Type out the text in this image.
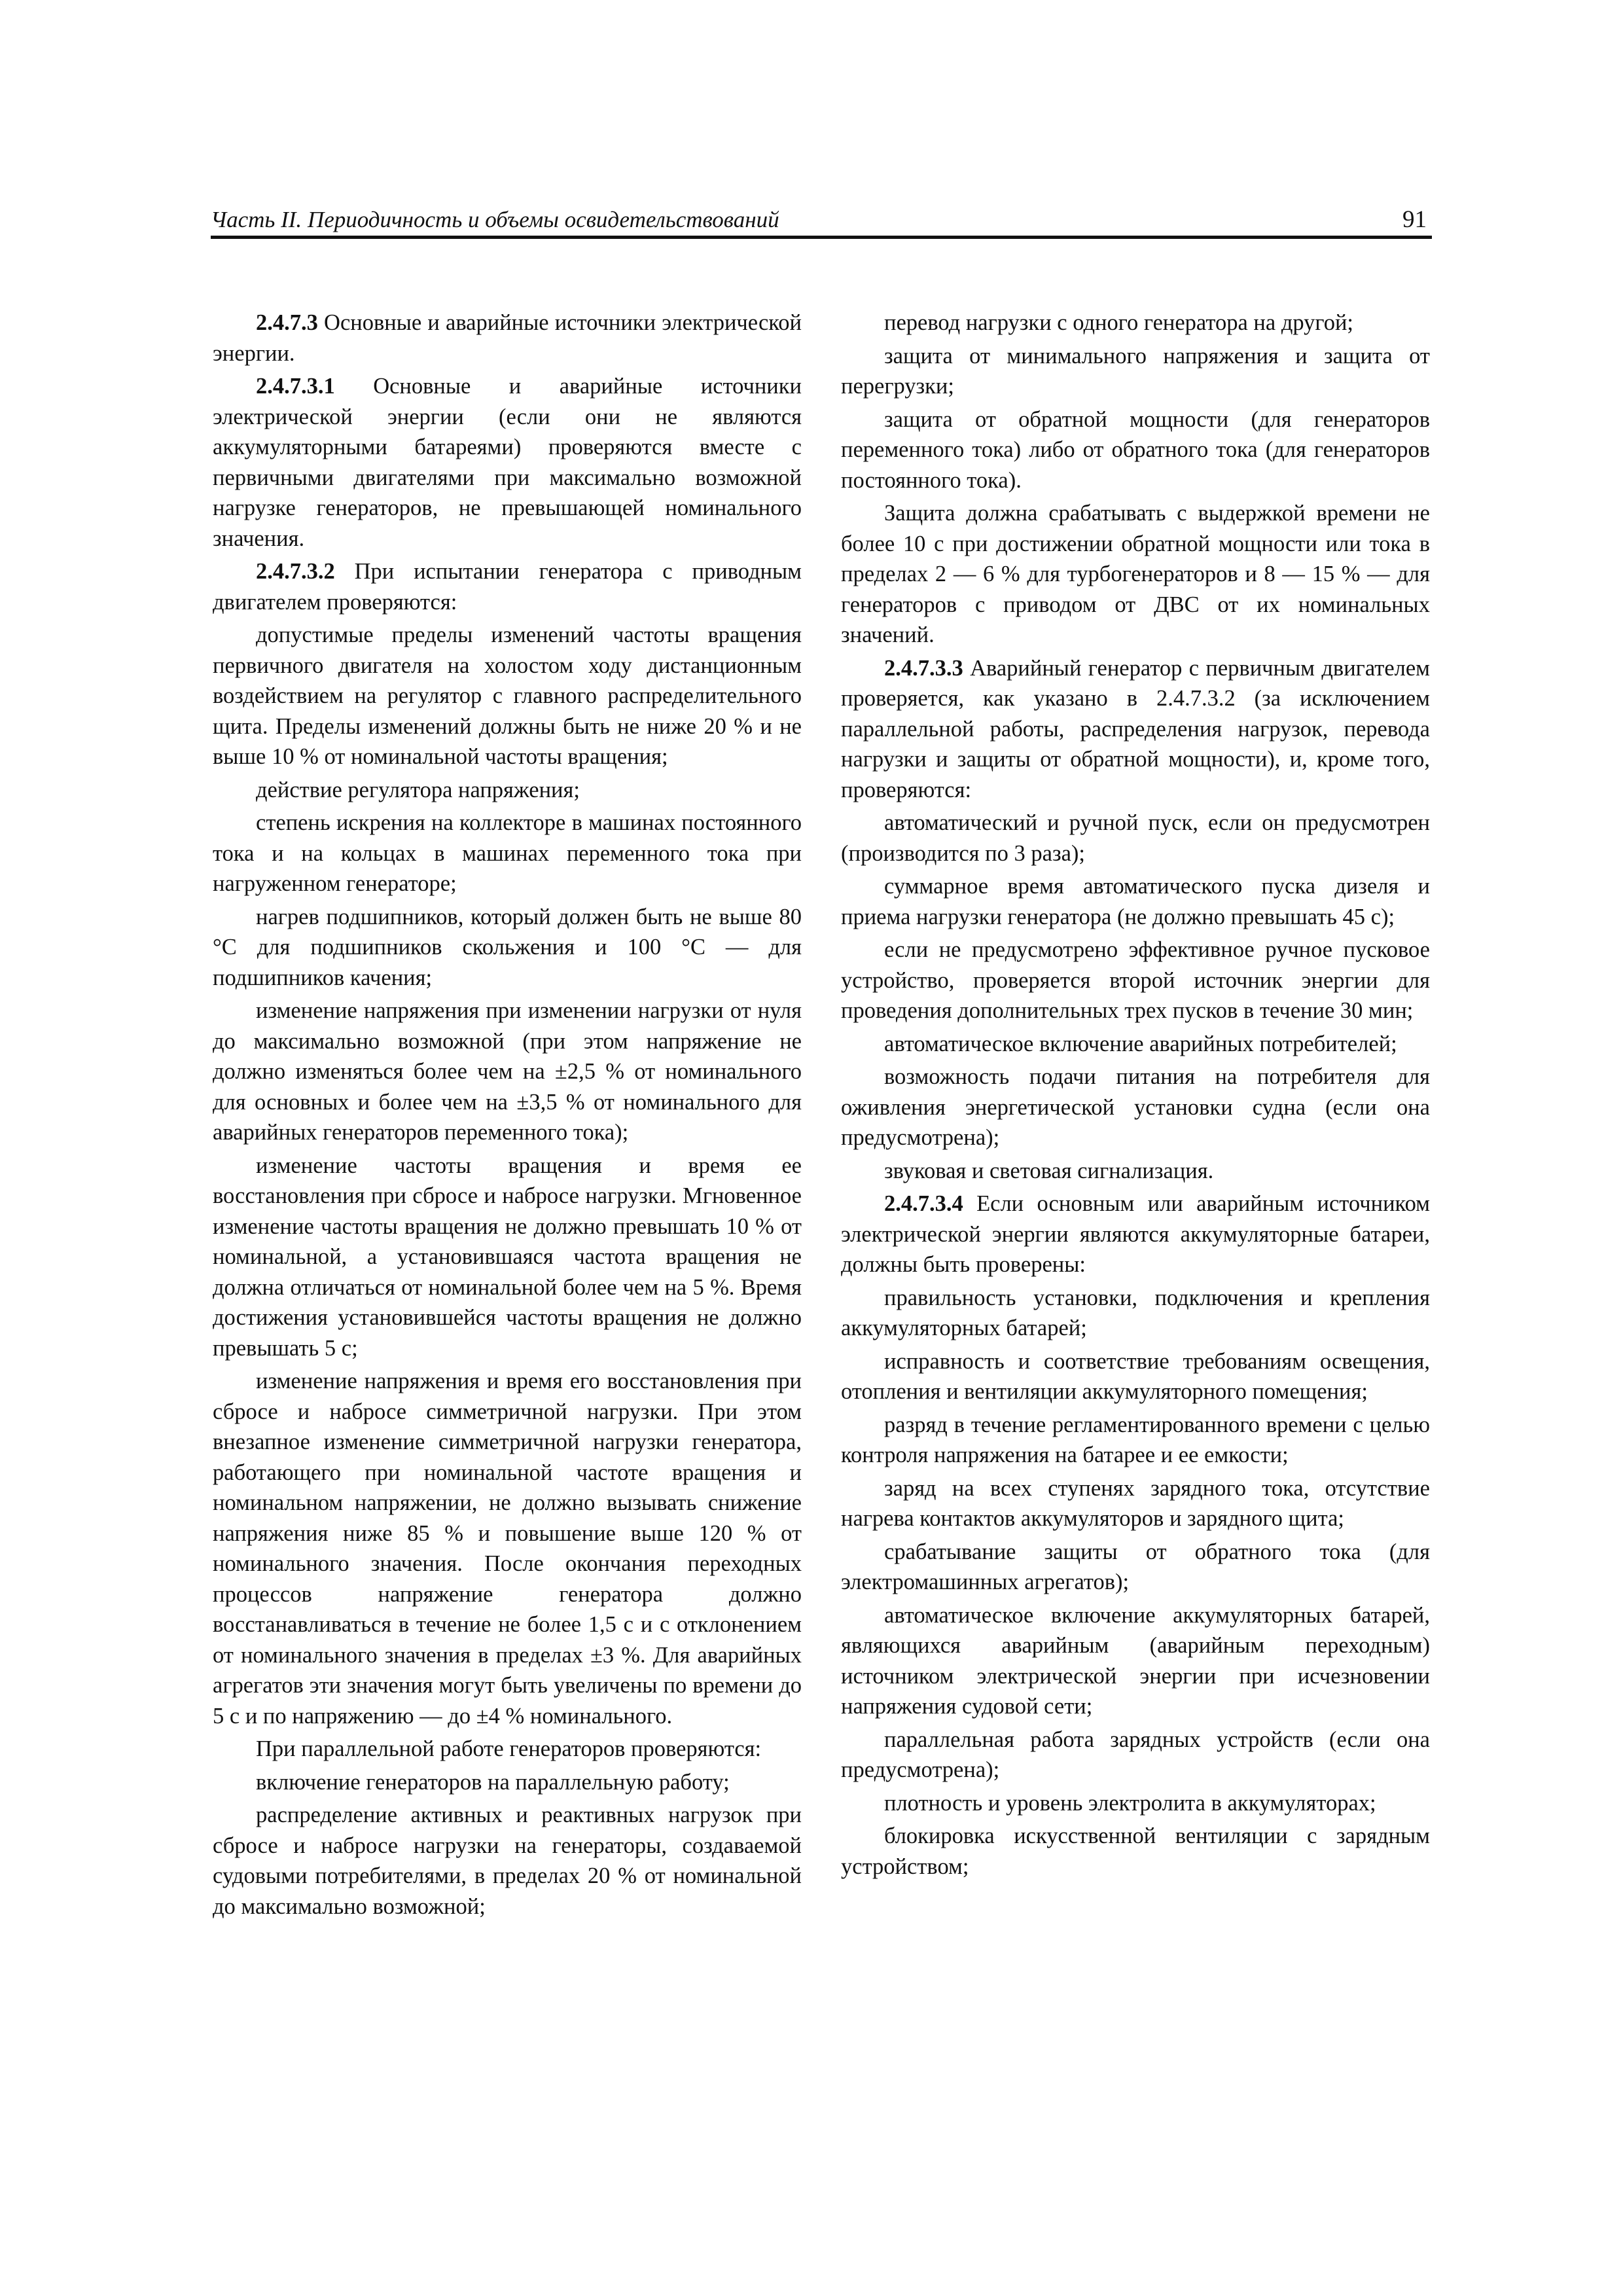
Часть II. Периодичность и объемы освидетельствований	91

2.4.7.3 Основные и аварийные источники электрической энергии.

2.4.7.3.1 Основные и аварийные источники электрической энергии (если они не являются аккумуляторными батареями) проверяются вместе с первичными двигателями при максимально возможной нагрузке генераторов, не превышающей номинального значения.

2.4.7.3.2 При испытании генератора с приводным двигателем проверяются:

допустимые пределы изменений частоты вращения первичного двигателя на холостом ходу дистанционным воздействием на регулятор с главного распределительного щита. Пределы изменений должны быть не ниже 20 % и не выше 10 % от номинальной частоты вращения;

действие регулятора напряжения;

степень искрения на коллекторе в машинах постоянного тока и на кольцах в машинах переменного тока при нагруженном генераторе;

нагрев подшипников, который должен быть не выше 80 °C для подшипников скольжения и 100 °C — для подшипников качения;

изменение напряжения при изменении нагрузки от нуля до максимально возможной (при этом напряжение не должно изменяться более чем на ±2,5 % от номинального для основных и более чем на ±3,5 % от номинального для аварийных генераторов переменного тока);

изменение частоты вращения и время ее восстановления при сбросе и набросе нагрузки. Мгновенное изменение частоты вращения не должно превышать 10 % от номинальной, а установившаяся частота вращения не должна отличаться от номинальной более чем на 5 %. Время достижения установившейся частоты вращения не должно превышать 5 с;

изменение напряжения и время его восстановления при сбросе и набросе симметричной нагрузки. При этом внезапное изменение симметричной нагрузки генератора, работающего при номинальной частоте вращения и номинальном напряжении, не должно вызывать снижение напряжения ниже 85 % и повышение выше 120 % от номинального значения. После окончания переходных процессов напряжение генератора должно восстанавливаться в течение не более 1,5 с и с отклонением от номинального значения в пределах ±3 %. Для аварийных агрегатов эти значения могут быть увеличены по времени до 5 с и по напряжению — до ±4 % номинального.

При параллельной работе генераторов проверяются:

включение генераторов на параллельную работу;

распределение активных и реактивных нагрузок при сбросе и набросе нагрузки на генераторы, создаваемой судовыми потребителями, в пределах 20 % от номинальной до максимально возможной;

перевод нагрузки с одного генератора на другой;

защита от минимального напряжения и защита от перегрузки;

защита от обратной мощности (для генераторов переменного тока) либо от обратного тока (для генераторов постоянного тока).

Защита должна срабатывать с выдержкой времени не более 10 с при достижении обратной мощности или тока в пределах 2 — 6 % для турбогенераторов и 8 — 15 % — для генераторов с приводом от ДВС от их номинальных значений.

2.4.7.3.3 Аварийный генератор с первичным двигателем проверяется, как указано в 2.4.7.3.2 (за исключением параллельной работы, распределения нагрузок, перевода нагрузки и защиты от обратной мощности), и, кроме того, проверяются:

автоматический и ручной пуск, если он предусмотрен (производится по 3 раза);

суммарное время автоматического пуска дизеля и приема нагрузки генератора (не должно превышать 45 с);

если не предусмотрено эффективное ручное пусковое устройство, проверяется второй источник энергии для проведения дополнительных трех пусков в течение 30 мин;

автоматическое включение аварийных потребителей;

возможность подачи питания на потребителя для оживления энергетической установки судна (если она предусмотрена);

звуковая и световая сигнализация.

2.4.7.3.4 Если основным или аварийным источником электрической энергии являются аккумуляторные батареи, должны быть проверены:

правильность установки, подключения и крепления аккумуляторных батарей;

исправность и соответствие требованиям освещения, отопления и вентиляции аккумуляторного помещения;

разряд в течение регламентированного времени с целью контроля напряжения на батарее и ее емкости;

заряд на всех ступенях зарядного тока, отсутствие нагрева контактов аккумуляторов и зарядного щита;

срабатывание защиты от обратного тока (для электромашинных агрегатов);

автоматическое включение аккумуляторных батарей, являющихся аварийным (аварийным переходным) источником электрической энергии при исчезновении напряжения судовой сети;

параллельная работа зарядных устройств (если она предусмотрена);

плотность и уровень электролита в аккумуляторах;

блокировка искусственной вентиляции с зарядным устройством;
